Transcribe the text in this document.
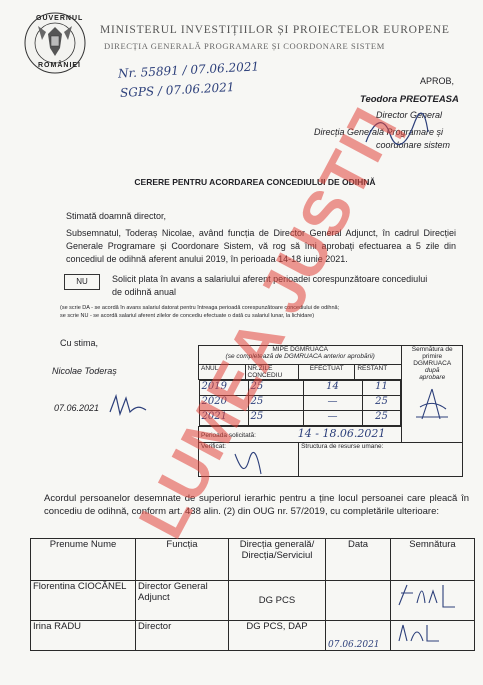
GUVERNUL
ROMÂNIEI
MINISTERUL INVESTIȚIILOR ȘI PROIECTELOR EUROPENE
DIRECȚIA GENERALĂ PROGRAMARE ȘI COORDONARE SISTEM
Nr. 55891 / 07.06.2021
SGPS / 07.06.2021	APROB,
Teodora PREOTEASA
Director General
Direcția Generală Programare și
coordonare sistem
CERERE PENTRU ACORDAREA CONCEDIULUI DE ODIHNĂ
Stimată doamnă director,
Subsemnatul, Toderaș Nicolae, având funcția de Director General Adjunct, în cadrul Direcției Generale Programare și Coordonare Sistem, vă rog să îmi aprobați efectuarea a 5 zile din concediul de odihnă aferent anului 2019, în perioada 14-18 iunie 2021.
NU	Solicit plata în avans a salariului aferent perioadei corespunzătoare concediului
de odihnă anual
(se scrie DA - se acordă în avans salariul datorat pentru întreaga perioadă corespunzătoare concediului de odihnă;
se scrie NU - se acordă salariul aferent zilelor de concediu efectuate o dată cu salariul lunar, la lichidare)
Cu stima,
Nicolae Toderaș
07.06.2021
MIPE DGMRUACA
(se completează de DGMRUACA anterior aprobării)

Semnătura de
primire
DGMRUACA
după
aprobare

ANUL	NR.ZILE CONCEDIU	EFECTUAT	RESTANT

2019	25	14	11
2020	25	—	25
2021	25	—	25

Perioada solicitată:	14 - 18.06.2021
Verificat:	Structura de resurse umane:
Acordul persoanelor desemnate de superiorul ierarhic pentru a ține locul persoanei care pleacă în concediu de odihnă, conform art. 438 alin. (2) din OUG nr. 57/2019, cu completările ulterioare:
Prenume Nume	Funcția	Direcția generală/ Direcția/Serviciul	Data	Semnătura
Florentina CIOCĂNEL	Director General Adjunct	DG PCS		
Irina RADU	Director	DG PCS, DAP	07.06.2021	
LUMEA JUSTIȚIEI
